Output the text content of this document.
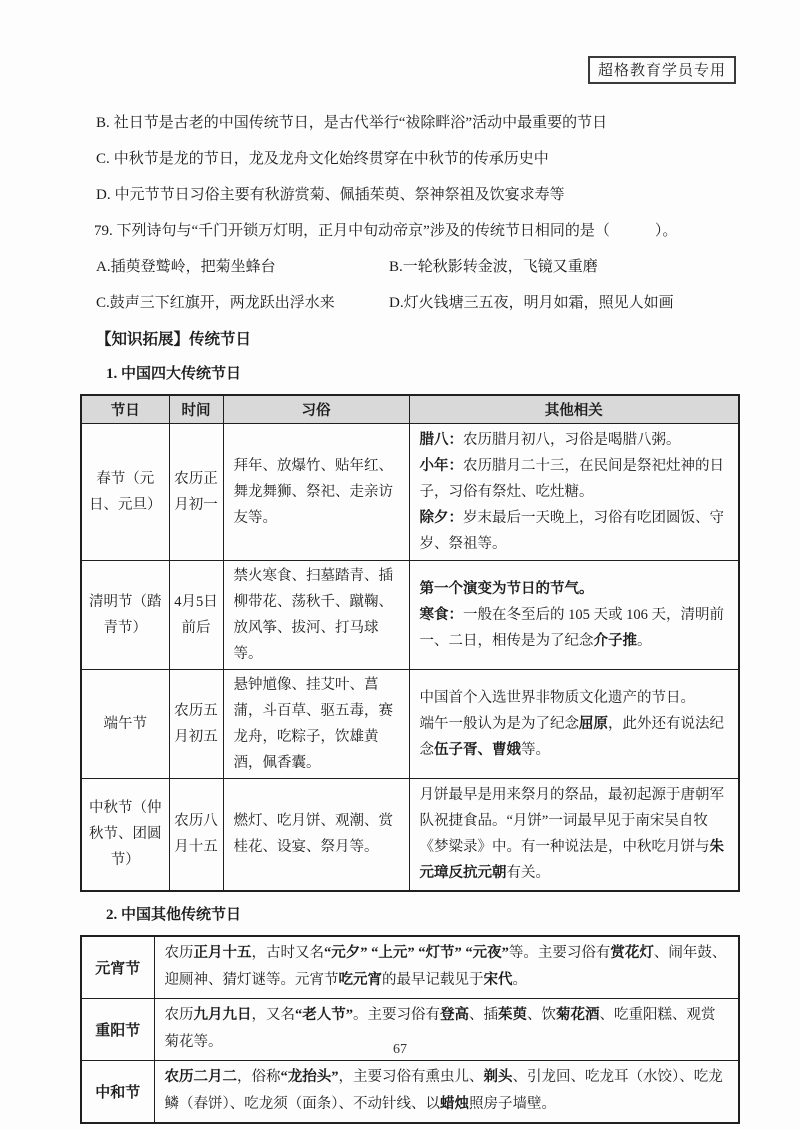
超格教育学员专用

B. 社日节是古老的中国传统节日，是古代举行“祓除畔浴”活动中最重要的节日

C. 中秋节是龙的节日，龙及龙舟文化始终贯穿在中秋节的传承历史中

D. 中元节节日习俗主要有秋游赏菊、佩插茱萸、祭神祭祖及饮宴求寿等

79. 下列诗句与“千门开锁万灯明，正月中旬动帝京”涉及的传统节日相同的是（　　　）。

A.插萸登鹫岭，把菊坐蜂台	B.一轮秋影转金波，飞镜又重磨
C.鼓声三下红旗开，两龙跃出浮水来	D.灯火钱塘三五夜，明月如霜，照见人如画

【知识拓展】传统节日

1. 中国四大传统节日

节日	时间	习俗	其他相关
春节（元日、元旦）	农历正月初一	拜年、放爆竹、贴年红、舞龙舞狮、祭祀、走亲访友等。	腊八：农历腊月初八，习俗是喝腊八粥。
小年：农历腊月二十三，在民间是祭祀灶神的日子，习俗有祭灶、吃灶糖。
除夕：岁末最后一天晚上，习俗有吃团圆饭、守岁、祭祖等。

清明节（踏青节）	4月5日前后	禁火寒食、扫墓踏青、插柳带花、荡秋千、蹴鞠、放风筝、拔河、打马球等。	第一个演变为节日的节气。
寒食：一般在冬至后的 105 天或 106 天，清明前一、二日，相传是为了纪念介子推。

端午节	农历五月初五	悬钟馗像、挂艾叶、菖蒲，斗百草、驱五毒，赛龙舟，吃粽子，饮雄黄酒，佩香囊。	中国首个入选世界非物质文化遗产的节日。
端午一般认为是为了纪念屈原，此外还有说法纪念伍子胥、曹娥等。

中秋节（仲秋节、团圆节）	农历八月十五	燃灯、吃月饼、观潮、赏桂花、设宴、祭月等。	月饼最早是用来祭月的祭品，最初起源于唐朝军队祝捷食品。“月饼”一词最早见于南宋吴自牧《梦粱录》中。有一种说法是，中秋吃月饼与朱元璋反抗元朝有关。

2. 中国其他传统节日

元宵节	农历正月十五，古时又名“元夕” “上元” “灯节” “元夜”等。主要习俗有赏花灯、闹年鼓、迎厕神、猜灯谜等。元宵节吃元宵的最早记载见于宋代。
重阳节	农历九月九日，又名“老人节”。主要习俗有登高、插茱萸、饮菊花酒、吃重阳糕、观赏菊花等。
中和节	农历二月二，俗称“龙抬头”，主要习俗有熏虫儿、剃头、引龙回、吃龙耳（水饺）、吃龙鳞（春饼）、吃龙须（面条）、不动针线、以蜡烛照房子墙壁。
67
